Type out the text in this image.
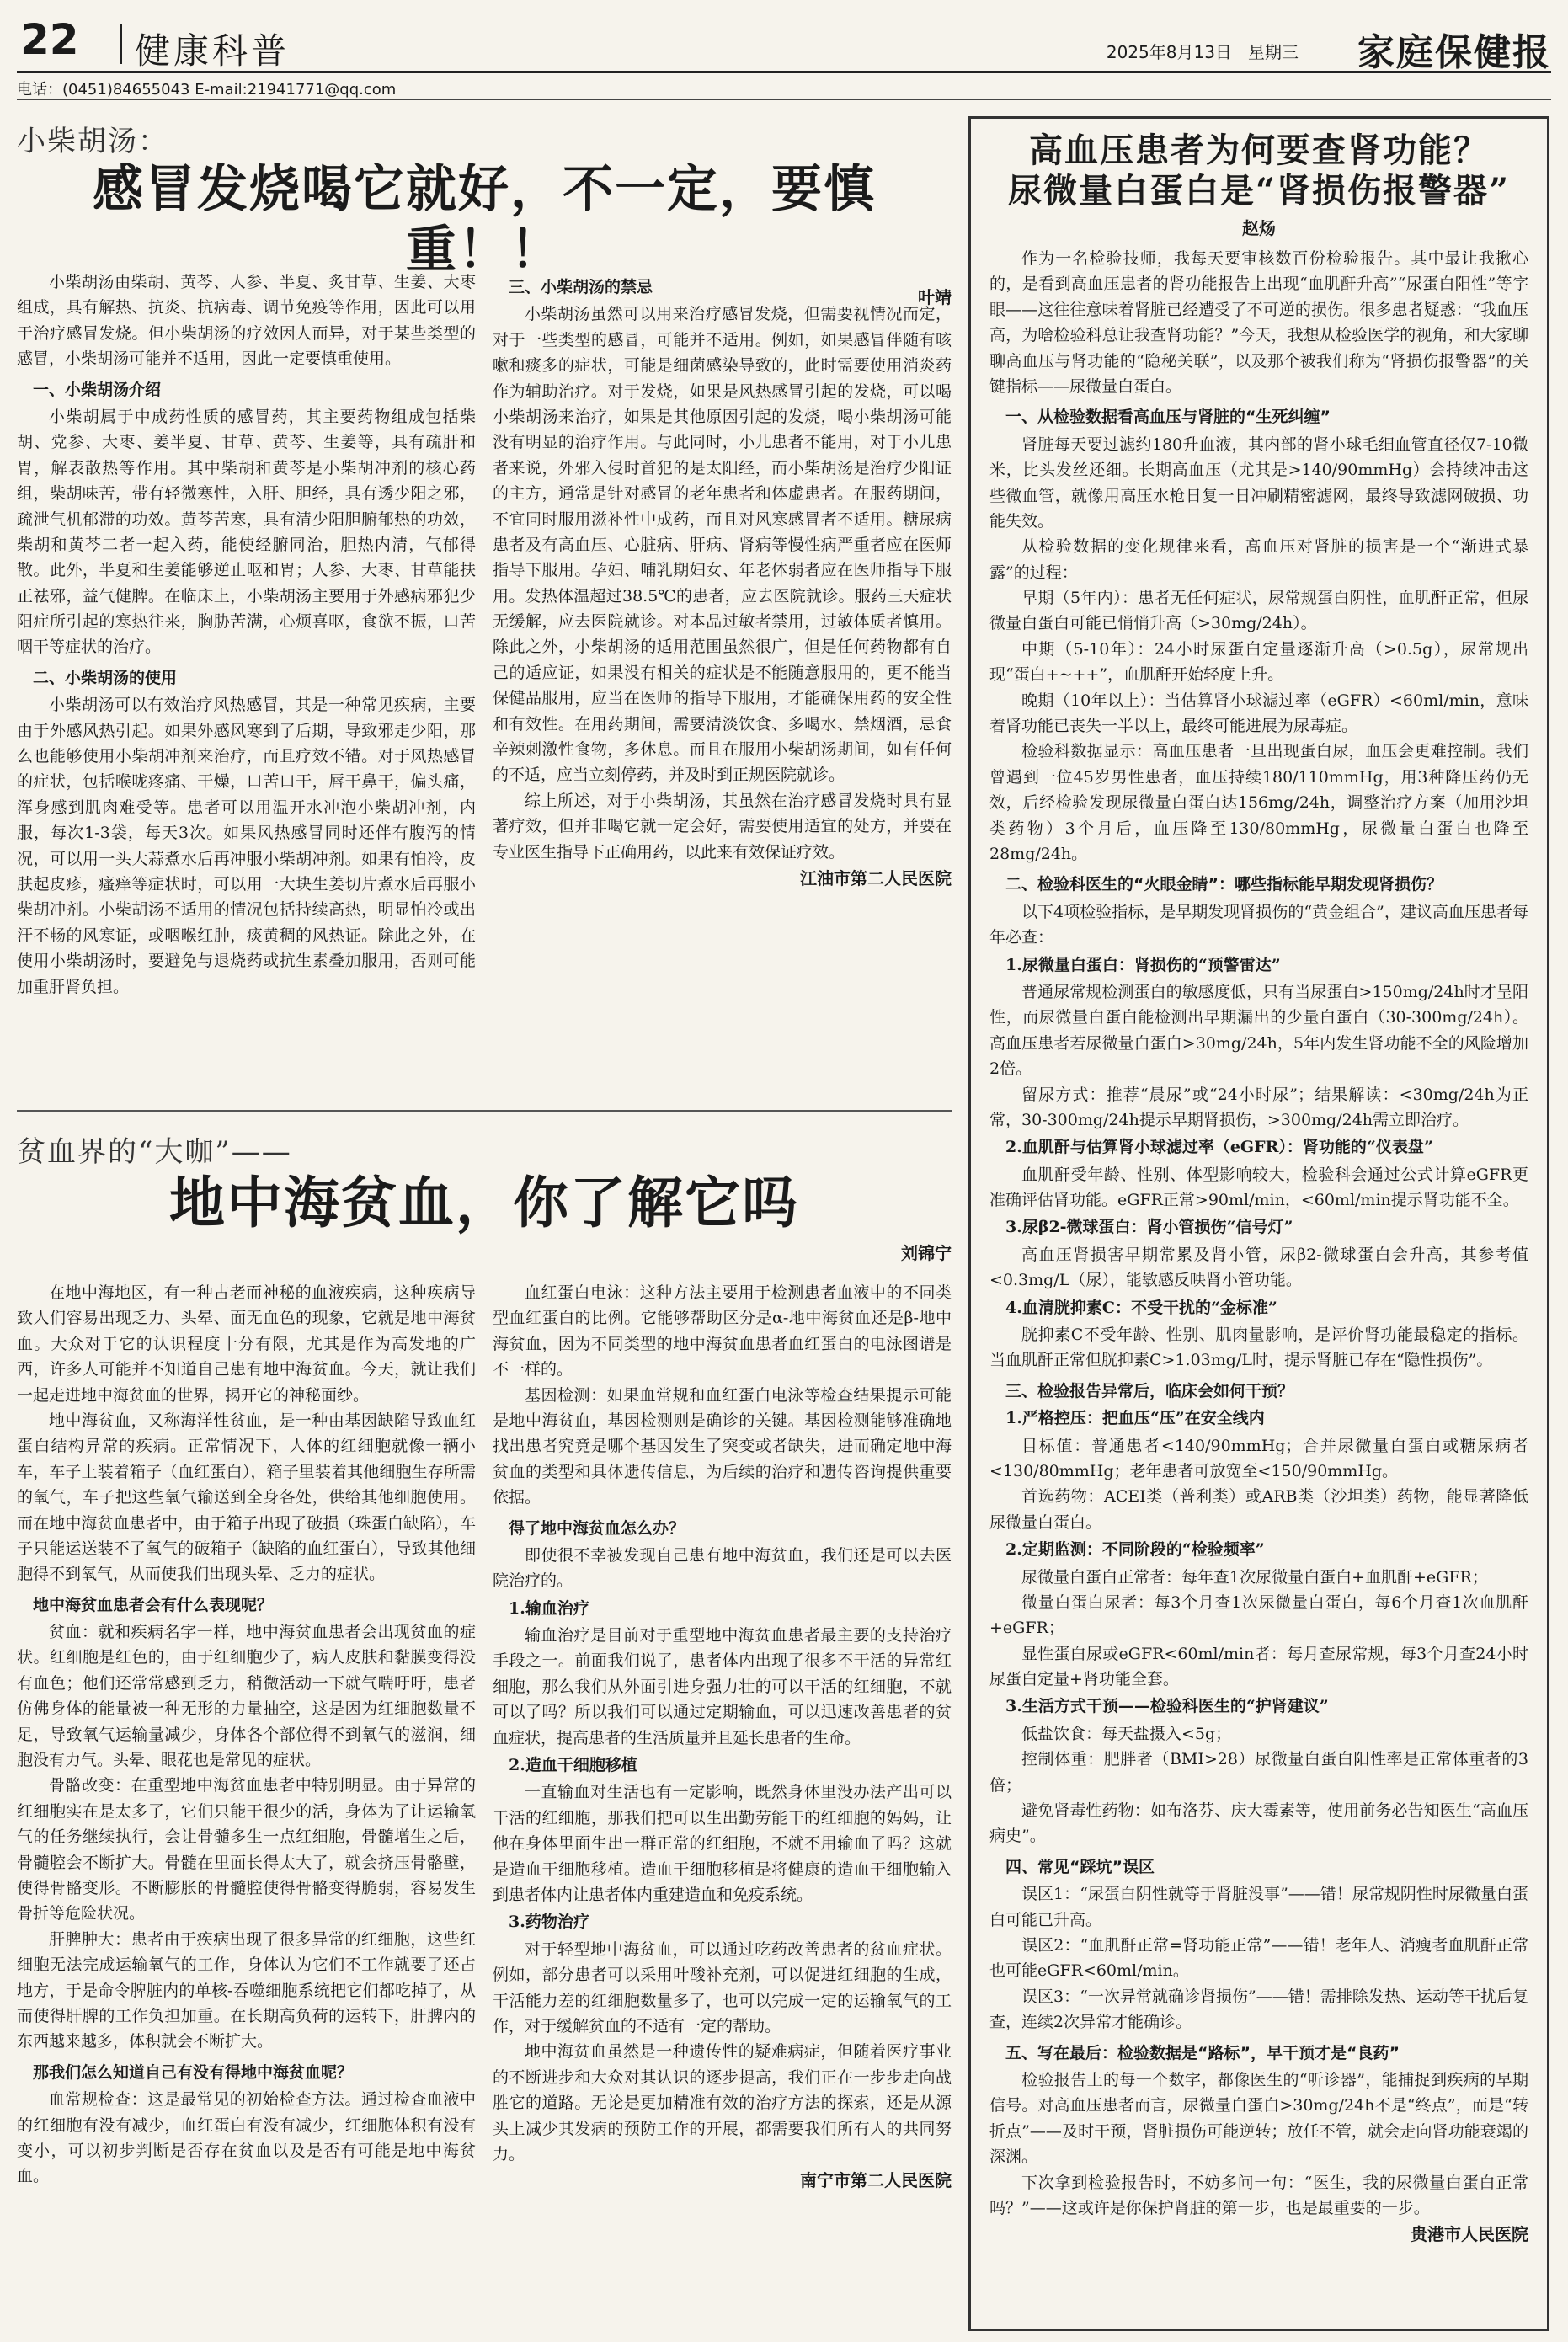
22 健康科普	2025年8月13日 星期三 家庭保健报
电话：(0451)84655043 E-mail:21941771@qq.com
小柴胡汤：
感冒发烧喝它就好，不一定，要慎重！！
叶靖

小柴胡汤由柴胡、黄芩、人参、半夏、炙甘草、生姜、大枣组成，具有解热、抗炎、抗病毒、调节免疫等作用，因此可以用于治疗感冒发烧。但小柴胡汤的疗效因人而异，对于某些类型的感冒，小柴胡汤可能并不适用，因此一定要慎重使用。

一、小柴胡汤介绍

小柴胡属于中成药性质的感冒药，其主要药物组成包括柴胡、党参、大枣、姜半夏、甘草、黄芩、生姜等，具有疏肝和胃，解表散热等作用。其中柴胡和黄芩是小柴胡冲剂的核心药组，柴胡味苦，带有轻微寒性，入肝、胆经，具有透少阳之邪，疏泄气机郁滞的功效。黄芩苦寒，具有清少阳胆腑郁热的功效，柴胡和黄芩二者一起入药，能使经腑同治，胆热内清，气郁得散。此外，半夏和生姜能够逆止呕和胃；人参、大枣、甘草能扶正祛邪，益气健脾。在临床上，小柴胡汤主要用于外感病邪犯少阳症所引起的寒热往来，胸胁苦满，心烦喜呕，食欲不振，口苦咽干等症状的治疗。

二、小柴胡汤的使用

小柴胡汤可以有效治疗风热感冒，其是一种常见疾病，主要由于外感风热引起。如果外感风寒到了后期，导致邪走少阳，那么也能够使用小柴胡冲剂来治疗，而且疗效不错。对于风热感冒的症状，包括喉咙疼痛、干燥，口苦口干，唇干鼻干，偏头痛，浑身感到肌肉难受等。患者可以用温开水冲泡小柴胡冲剂，内服，每次1-3袋，每天3次。如果风热感冒同时还伴有腹泻的情况，可以用一头大蒜煮水后再冲服小柴胡冲剂。如果有怕冷，皮肤起皮疹，瘙痒等症状时，可以用一大块生姜切片煮水后再服小柴胡冲剂。小柴胡汤不适用的情况包括持续高热，明显怕冷或出汗不畅的风寒证，或咽喉红肿，痰黄稠的风热证。除此之外，在使用小柴胡汤时，要避免与退烧药或抗生素叠加服用，否则可能加重肝肾负担。

三、小柴胡汤的禁忌

小柴胡汤虽然可以用来治疗感冒发烧，但需要视情况而定，对于一些类型的感冒，可能并不适用。例如，如果感冒伴随有咳嗽和痰多的症状，可能是细菌感染导致的，此时需要使用消炎药作为辅助治疗。对于发烧，如果是风热感冒引起的发烧，可以喝小柴胡汤来治疗，如果是其他原因引起的发烧，喝小柴胡汤可能没有明显的治疗作用。与此同时，小儿患者不能用，对于小儿患者来说，外邪入侵时首犯的是太阳经，而小柴胡汤是治疗少阳证的主方，通常是针对感冒的老年患者和体虚患者。在服药期间，不宜同时服用滋补性中成药，而且对风寒感冒者不适用。糖尿病患者及有高血压、心脏病、肝病、肾病等慢性病严重者应在医师指导下服用。孕妇、哺乳期妇女、年老体弱者应在医师指导下服用。发热体温超过38.5℃的患者，应去医院就诊。服药三天症状无缓解，应去医院就诊。对本品过敏者禁用，过敏体质者慎用。除此之外，小柴胡汤的适用范围虽然很广，但是任何药物都有自己的适应证，如果没有相关的症状是不能随意服用的，更不能当保健品服用，应当在医师的指导下服用，才能确保用药的安全性和有效性。在用药期间，需要清淡饮食、多喝水、禁烟酒，忌食辛辣刺激性食物，多休息。而且在服用小柴胡汤期间，如有任何的不适，应当立刻停药，并及时到正规医院就诊。

综上所述，对于小柴胡汤，其虽然在治疗感冒发烧时具有显著疗效，但并非喝它就一定会好，需要使用适宜的处方，并要在专业医生指导下正确用药，以此来有效保证疗效。

江油市第二人民医院
贫血界的“大咖”——
地中海贫血，你了解它吗
刘锦宁

在地中海地区，有一种古老而神秘的血液疾病，这种疾病导致人们容易出现乏力、头晕、面无血色的现象，它就是地中海贫血。大众对于它的认识程度十分有限，尤其是作为高发地的广西，许多人可能并不知道自己患有地中海贫血。今天，就让我们一起走进地中海贫血的世界，揭开它的神秘面纱。

地中海贫血，又称海洋性贫血，是一种由基因缺陷导致血红蛋白结构异常的疾病。正常情况下，人体的红细胞就像一辆小车，车子上装着箱子（血红蛋白），箱子里装着其他细胞生存所需的氧气，车子把这些氧气输送到全身各处，供给其他细胞使用。而在地中海贫血患者中，由于箱子出现了破损（珠蛋白缺陷），车子只能运送装不了氧气的破箱子（缺陷的血红蛋白），导致其他细胞得不到氧气，从而使我们出现头晕、乏力的症状。

地中海贫血患者会有什么表现呢？

贫血：就和疾病名字一样，地中海贫血患者会出现贫血的症状。红细胞是红色的，由于红细胞少了，病人皮肤和黏膜变得没有血色；他们还常常感到乏力，稍微活动一下就气喘吁吁，患者仿佛身体的能量被一种无形的力量抽空，这是因为红细胞数量不足，导致氧气运输量减少，身体各个部位得不到氧气的滋润，细胞没有力气。头晕、眼花也是常见的症状。

骨骼改变：在重型地中海贫血患者中特别明显。由于异常的红细胞实在是太多了，它们只能干很少的活，身体为了让运输氧气的任务继续执行，会让骨髓多生一点红细胞，骨髓增生之后，骨髓腔会不断扩大。骨髓在里面长得太大了，就会挤压骨骼壁，使得骨骼变形。不断膨胀的骨髓腔使得骨骼变得脆弱，容易发生骨折等危险状况。

肝脾肿大：患者由于疾病出现了很多异常的红细胞，这些红细胞无法完成运输氧气的工作，身体认为它们不工作就要了还占地方，于是命令脾脏内的单核-吞噬细胞系统把它们都吃掉了，从而使得肝脾的工作负担加重。在长期高负荷的运转下，肝脾内的东西越来越多，体积就会不断扩大。

那我们怎么知道自己有没有得地中海贫血呢？

血常规检查：这是最常见的初始检查方法。通过检查血液中的红细胞有没有减少，血红蛋白有没有减少，红细胞体积有没有变小，可以初步判断是否存在贫血以及是否有可能是地中海贫血。

血红蛋白电泳：这种方法主要用于检测患者血液中的不同类型血红蛋白的比例。它能够帮助区分是α-地中海贫血还是β-地中海贫血，因为不同类型的地中海贫血患者血红蛋白的电泳图谱是不一样的。

基因检测：如果血常规和血红蛋白电泳等检查结果提示可能是地中海贫血，基因检测则是确诊的关键。基因检测能够准确地找出患者究竟是哪个基因发生了突变或者缺失，进而确定地中海贫血的类型和具体遗传信息，为后续的治疗和遗传咨询提供重要依据。

得了地中海贫血怎么办？

即使很不幸被发现自己患有地中海贫血，我们还是可以去医院治疗的。

1.输血治疗

输血治疗是目前对于重型地中海贫血患者最主要的支持治疗手段之一。前面我们说了，患者体内出现了很多不干活的异常红细胞，那么我们从外面引进身强力壮的可以干活的红细胞，不就可以了吗？所以我们可以通过定期输血，可以迅速改善患者的贫血症状，提高患者的生活质量并且延长患者的生命。

2.造血干细胞移植

一直输血对生活也有一定影响，既然身体里没办法产出可以干活的红细胞，那我们把可以生出勤劳能干的红细胞的妈妈，让他在身体里面生出一群正常的红细胞，不就不用输血了吗？这就是造血干细胞移植。造血干细胞移植是将健康的造血干细胞输入到患者体内让患者体内重建造血和免疫系统。

3.药物治疗

对于轻型地中海贫血，可以通过吃药改善患者的贫血症状。例如，部分患者可以采用叶酸补充剂，可以促进红细胞的生成，干活能力差的红细胞数量多了，也可以完成一定的运输氧气的工作，对于缓解贫血的不适有一定的帮助。

地中海贫血虽然是一种遗传性的疑难病症，但随着医疗事业的不断进步和大众对其认识的逐步提高，我们正在一步步走向战胜它的道路。无论是更加精准有效的治疗方法的探索，还是从源头上减少其发病的预防工作的开展，都需要我们所有人的共同努力。

南宁市第二人民医院
高血压患者为何要查肾功能？
尿微量白蛋白是“肾损伤报警器”
赵炀

作为一名检验技师，我每天要审核数百份检验报告。其中最让我揪心的，是看到高血压患者的肾功能报告上出现“血肌酐升高”“尿蛋白阳性”等字眼——这往往意味着肾脏已经遭受了不可逆的损伤。很多患者疑惑：“我血压高，为啥检验科总让我查肾功能？”今天，我想从检验医学的视角，和大家聊聊高血压与肾功能的“隐秘关联”，以及那个被我们称为“肾损伤报警器”的关键指标——尿微量白蛋白。

一、从检验数据看高血压与肾脏的“生死纠缠”

肾脏每天要过滤约180升血液，其内部的肾小球毛细血管直径仅7-10微米，比头发丝还细。长期高血压（尤其是>140/90mmHg）会持续冲击这些微血管，就像用高压水枪日复一日冲刷精密滤网，最终导致滤网破损、功能失效。

从检验数据的变化规律来看，高血压对肾脏的损害是一个“渐进式暴露”的过程：

早期（5年内）：患者无任何症状，尿常规蛋白阴性，血肌酐正常，但尿微量白蛋白可能已悄悄升高（>30mg/24h）。

中期（5-10年）：24小时尿蛋白定量逐渐升高（>0.5g），尿常规出现“蛋白+~++”，血肌酐开始轻度上升。

晚期（10年以上）：当估算肾小球滤过率（eGFR）<60ml/min，意味着肾功能已丧失一半以上，最终可能进展为尿毒症。

检验科数据显示：高血压患者一旦出现蛋白尿，血压会更难控制。我们曾遇到一位45岁男性患者，血压持续180/110mmHg，用3种降压药仍无效，后经检验发现尿微量白蛋白达156mg/24h，调整治疗方案（加用沙坦类药物）3个月后，血压降至130/80mmHg，尿微量白蛋白也降至28mg/24h。

二、检验科医生的“火眼金睛”：哪些指标能早期发现肾损伤？

以下4项检验指标，是早期发现肾损伤的“黄金组合”，建议高血压患者每年必查：

1.尿微量白蛋白：肾损伤的“预警雷达”

普通尿常规检测蛋白的敏感度低，只有当尿蛋白>150mg/24h时才呈阳性，而尿微量白蛋白能检测出早期漏出的少量白蛋白（30-300mg/24h）。高血压患者若尿微量白蛋白>30mg/24h，5年内发生肾功能不全的风险增加2倍。

留尿方式：推荐“晨尿”或“24小时尿”；结果解读：<30mg/24h为正常，30-300mg/24h提示早期肾损伤，>300mg/24h需立即治疗。

2.血肌酐与估算肾小球滤过率（eGFR）：肾功能的“仪表盘”

血肌酐受年龄、性别、体型影响较大，检验科会通过公式计算eGFR更准确评估肾功能。eGFR正常>90ml/min，<60ml/min提示肾功能不全。

3.尿β2-微球蛋白：肾小管损伤“信号灯”

高血压肾损害早期常累及肾小管，尿β2-微球蛋白会升高，其参考值<0.3mg/L（尿），能敏感反映肾小管功能。

4.血清胱抑素C：不受干扰的“金标准”

胱抑素C不受年龄、性别、肌肉量影响，是评价肾功能最稳定的指标。当血肌酐正常但胱抑素C>1.03mg/L时，提示肾脏已存在“隐性损伤”。

三、检验报告异常后，临床会如何干预？

1.严格控压：把血压“压”在安全线内

目标值：普通患者<140/90mmHg；合并尿微量白蛋白或糖尿病者<130/80mmHg；老年患者可放宽至<150/90mmHg。

首选药物：ACEI类（普利类）或ARB类（沙坦类）药物，能显著降低尿微量白蛋白。

2.定期监测：不同阶段的“检验频率”

尿微量白蛋白正常者：每年查1次尿微量白蛋白+血肌酐+eGFR；

微量白蛋白尿者：每3个月查1次尿微量白蛋白，每6个月查1次血肌酐+eGFR；

显性蛋白尿或eGFR<60ml/min者：每月查尿常规，每3个月查24小时尿蛋白定量+肾功能全套。

3.生活方式干预——检验科医生的“护肾建议”

低盐饮食：每天盐摄入<5g；

控制体重：肥胖者（BMI>28）尿微量白蛋白阳性率是正常体重者的3倍；

避免肾毒性药物：如布洛芬、庆大霉素等，使用前务必告知医生“高血压病史”。

四、常见“踩坑”误区

误区1：“尿蛋白阴性就等于肾脏没事”——错！尿常规阴性时尿微量白蛋白可能已升高。

误区2：“血肌酐正常=肾功能正常”——错！老年人、消瘦者血肌酐正常也可能eGFR<60ml/min。

误区3：“一次异常就确诊肾损伤”——错！需排除发热、运动等干扰后复查，连续2次异常才能确诊。

五、写在最后：检验数据是“路标”，早干预才是“良药”

检验报告上的每一个数字，都像医生的“听诊器”，能捕捉到疾病的早期信号。对高血压患者而言，尿微量白蛋白>30mg/24h不是“终点”，而是“转折点”——及时干预，肾脏损伤可能逆转；放任不管，就会走向肾功能衰竭的深渊。

下次拿到检验报告时，不妨多问一句：“医生，我的尿微量白蛋白正常吗？”——这或许是你保护肾脏的第一步，也是最重要的一步。

贵港市人民医院
